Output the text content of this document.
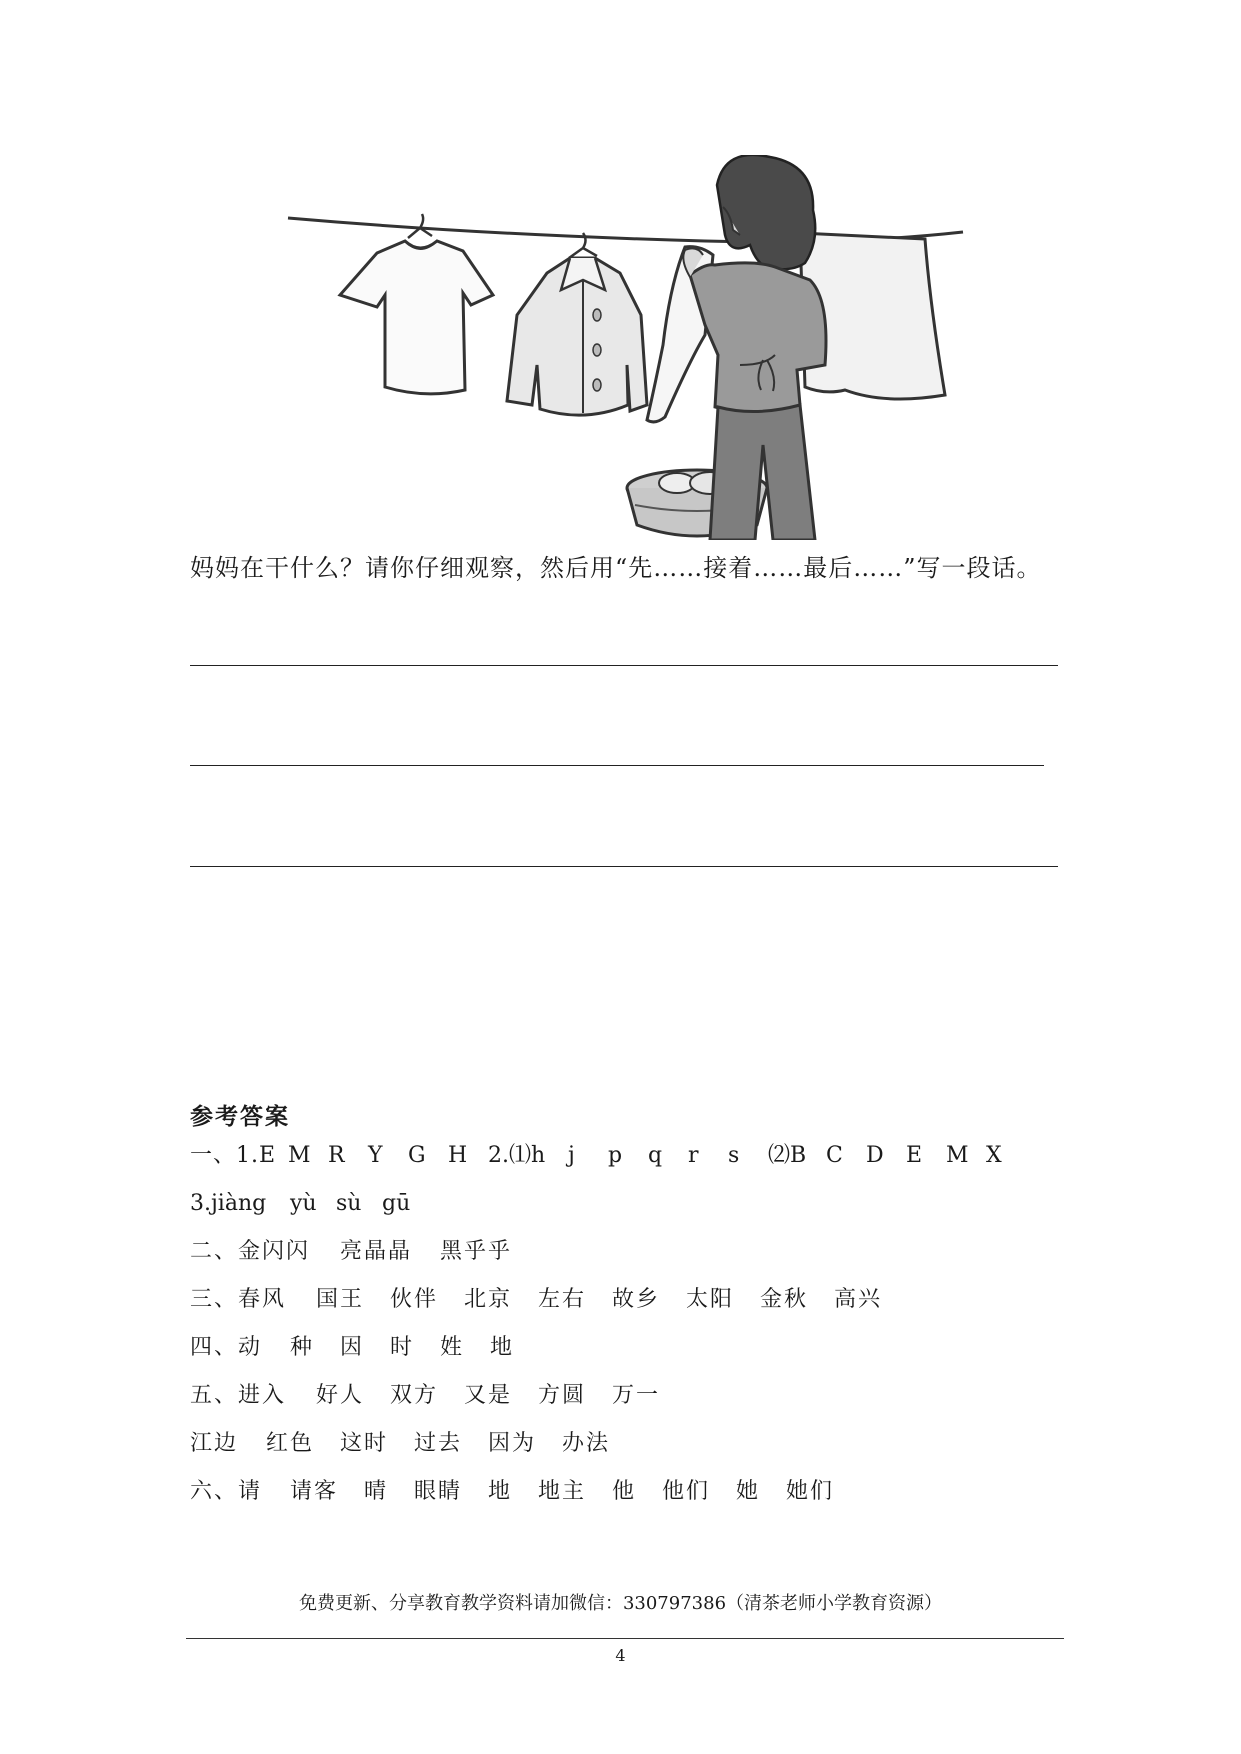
妈妈在干什么？请你仔细观察，然后用“先……接着……最后……”写一段话。
参考答案
一、1.E M R Y G H 2.⑴h j p q r s ⑵B C D E M X
3.jiàng yù sù gū
二、金闪闪 亮晶晶 黑乎乎
三、春风 国王 伙伴 北京 左右 故乡 太阳 金秋 高兴
四、动 种 因 时 姓 地
五、进入 好人 双方 又是 方圆 万一
江边 红色 这时 过去 因为 办法
六、请 请客 晴 眼睛 地 地主 他 他们 她 她们
免费更新、分享教育教学资料请加微信：330797386（清茶老师小学教育资源）
4
